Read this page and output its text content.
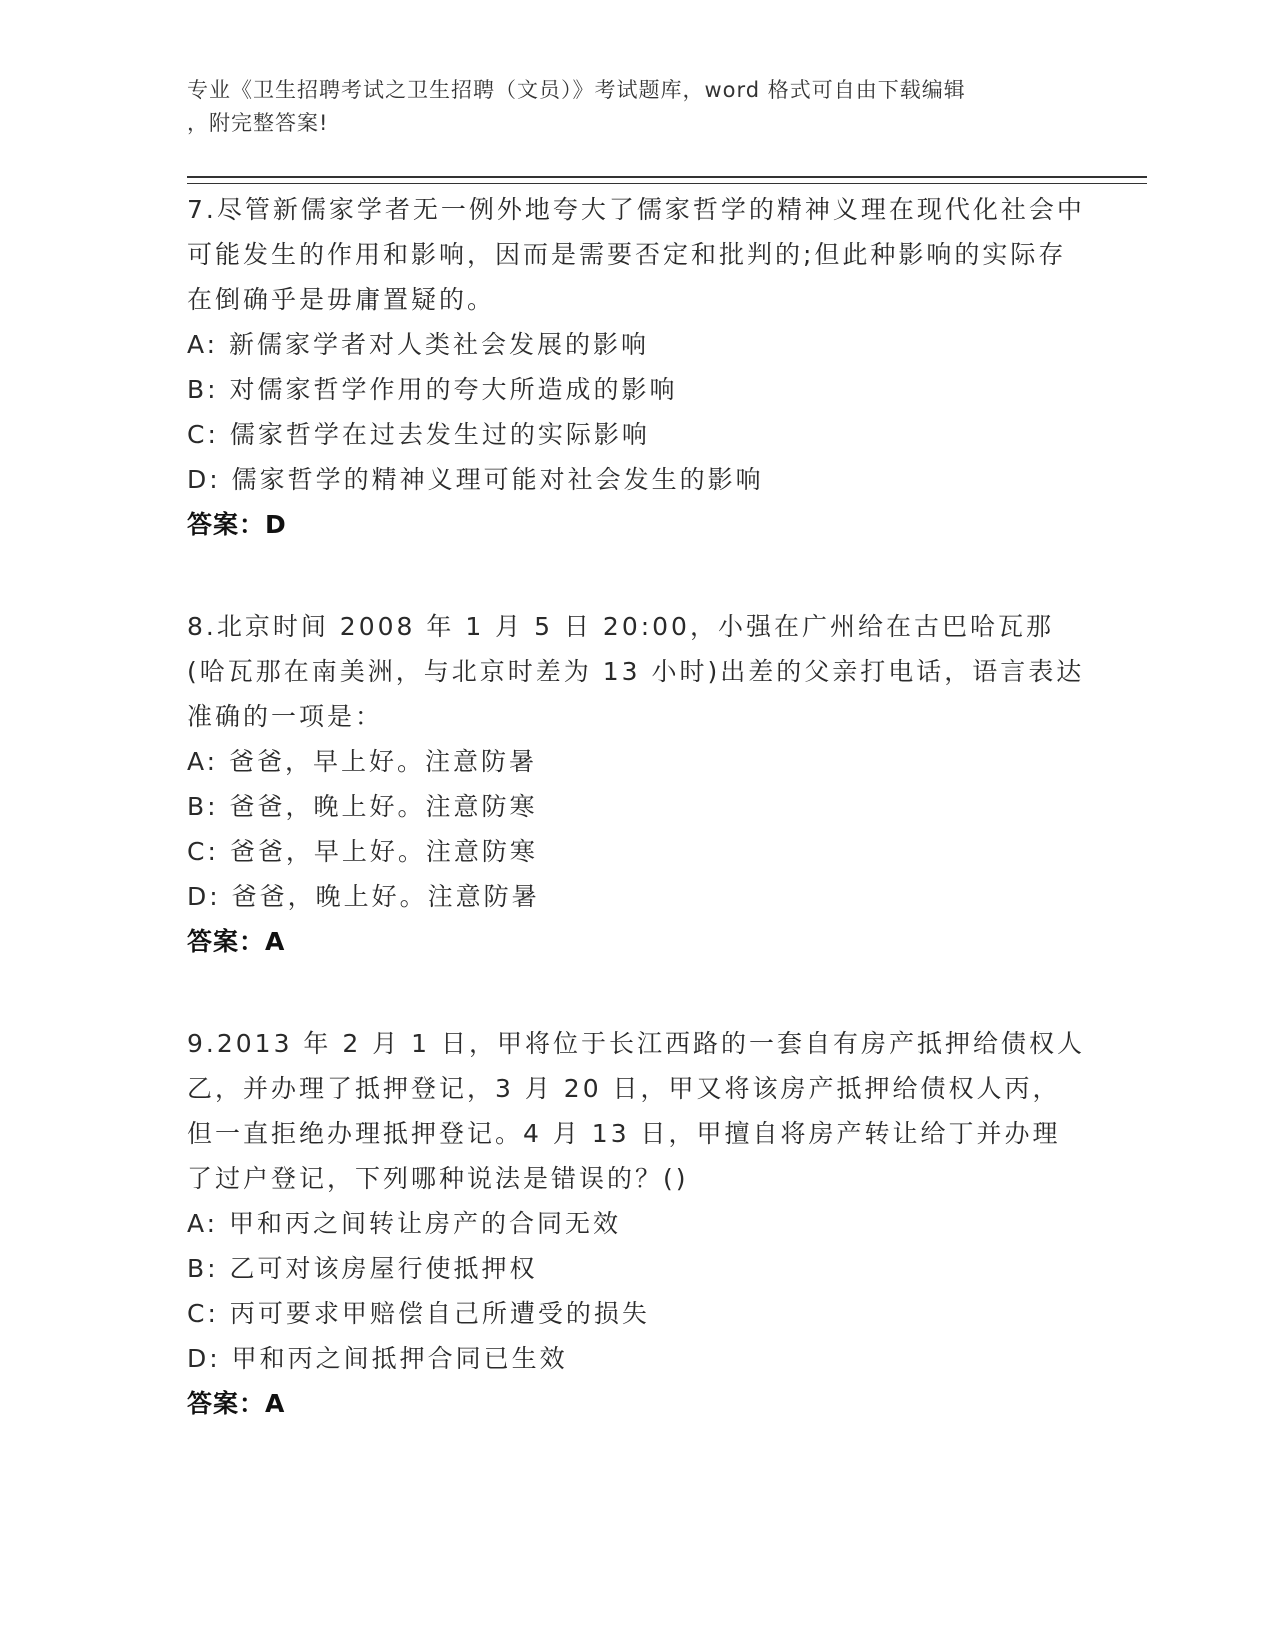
专业《卫生招聘考试之卫生招聘（文员）》考试题库，word 格式可自由下载编辑
，附完整答案!
7.尽管新儒家学者无一例外地夸大了儒家哲学的精神义理在现代化社会中可能发生的作用和影响，因而是需要否定和批判的;但此种影响的实际存在倒确乎是毋庸置疑的。
A: 新儒家学者对人类社会发展的影响
B: 对儒家哲学作用的夸大所造成的影响
C: 儒家哲学在过去发生过的实际影响
D: 儒家哲学的精神义理可能对社会发生的影响
答案：D
8.北京时间 2008 年 1 月 5 日 20:00，小强在广州给在古巴哈瓦那(哈瓦那在南美洲，与北京时差为 13 小时)出差的父亲打电话，语言表达准确的一项是：
A: 爸爸，早上好。注意防暑
B: 爸爸，晚上好。注意防寒
C: 爸爸，早上好。注意防寒
D: 爸爸，晚上好。注意防暑
答案：A
9.2013 年 2 月 1 日，甲将位于长江西路的一套自有房产抵押给债权人乙，并办理了抵押登记，3 月 20 日，甲又将该房产抵押给债权人丙，但一直拒绝办理抵押登记。4 月 13 日，甲擅自将房产转让给丁并办理了过户登记，下列哪种说法是错误的？()
A: 甲和丙之间转让房产的合同无效
B: 乙可对该房屋行使抵押权
C: 丙可要求甲赔偿自己所遭受的损失
D: 甲和丙之间抵押合同已生效
答案：A
